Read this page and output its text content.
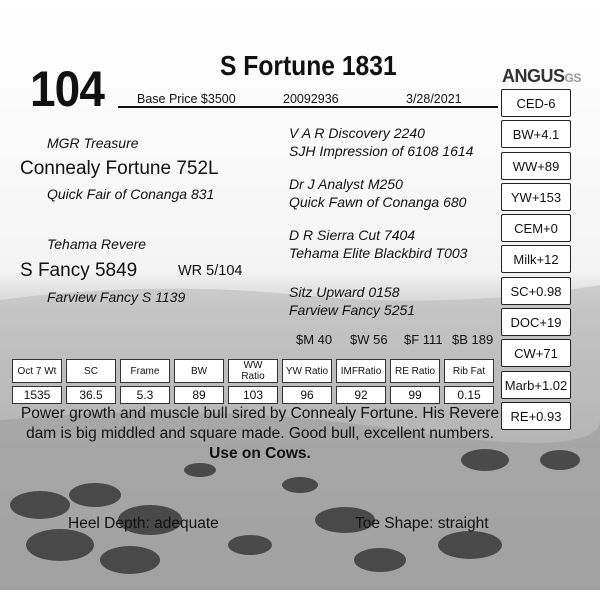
104	S Fortune 1831
Base Price $3500	20092936	3/28/2021
ANGUSGS
MGR Treasure
Connealy Fortune 752L
Quick Fair of Conanga 831
Tehama Revere
S Fancy 5849	WR 5/104
Farview Fancy S 1139
V A R Discovery 2240
SJH Impression of 6108 1614
Dr J Analyst M250
Quick Fawn of Conanga 680
D R Sierra Cut 7404
Tehama Elite Blackbird T003
Sitz Upward 0158
Farview Fancy 5251
CED-6
BW+4.1
WW+89
YW+153
CEM+0
Milk+12
SC+0.98
DOC+19
CW+71
Marb+1.02
RE+0.93
$M 40 $W 56 $F 111 $B 189
Oct 7 Wt	SC	Frame	BW	WW Ratio	YW Ratio	IMFRatio	RE Ratio	Rib Fat
1535	36.5	5.3	89	103	96	92	99	0.15
Power growth and muscle bull sired by Connealy Fortune. His Revere dam is big middled and square made. Good bull, excellent numbers. Use on Cows.
Heel Depth: adequate	Toe Shape: straight
